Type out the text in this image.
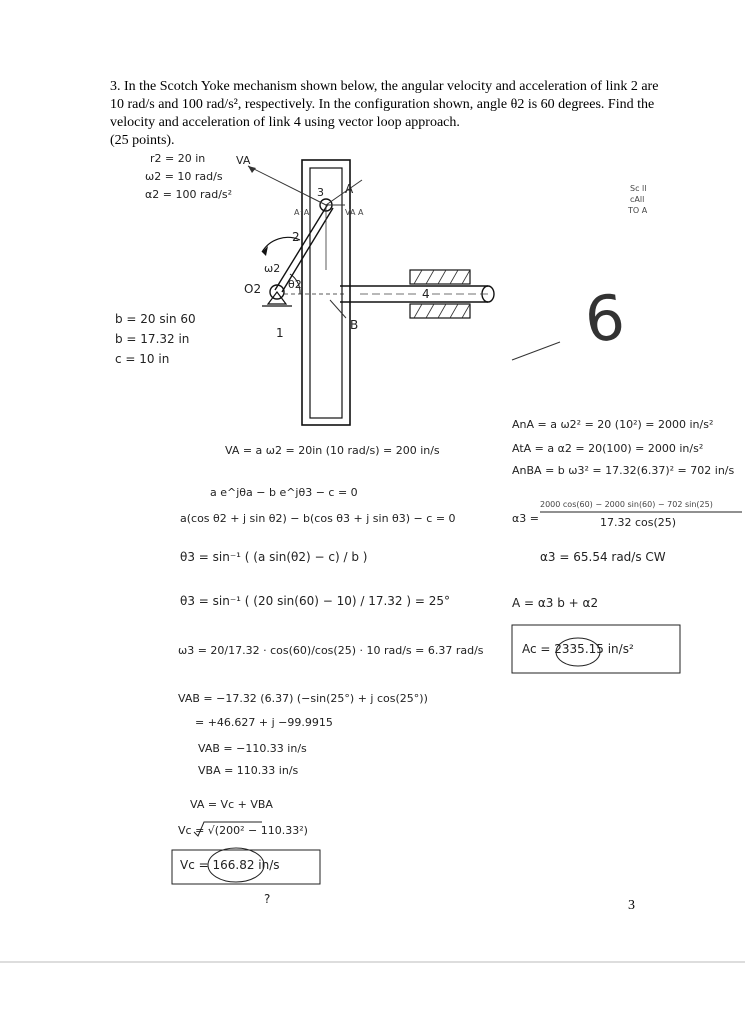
3. In the Scotch Yoke mechanism shown below, the angular velocity and acceleration of link 2 are 10 rad/s and 100 rad/s², respectively. In the configuration shown, angle θ2 is 60 degrees. Find the velocity and acceleration of link 4 using vector loop approach.
(25 points).
A
B
O2
1
2
3
4
ω2
θ2
VA
VA A
A⁺A
r2 = 20 in
ω2 = 10 rad/s
α2 = 100 rad/s²
b = 20 sin 60
b = 17.32 in
c = 10 in
Sc ll
cAll
TO A
6
VA = a ω2 = 20in (10 rad/s) = 200 in/s
a e^jθa − b e^jθ3 − c = 0
a(cos θ2 + j sin θ2) − b(cos θ3 + j sin θ3) − c = 0
θ3 = sin⁻¹ ( (a sin(θ2) − c) / b )
θ3 = sin⁻¹ ( (20 sin(60) − 10) / 17.32 ) = 25°
ω3 = 20/17.32 · cos(60)/cos(25) · 10 rad/s = 6.37 rad/s
VAB = −17.32 (6.37) (−sin(25°) + j cos(25°))
= +46.627 + j −99.9915
VAB = −110.33 in/s
VBA = 110.33 in/s
VA = Vc + VBA
Vc = √(200² − 110.33²)
Vc = 166.82 in/s
?
AnA = a ω2² = 20 (10²) = 2000 in/s²
AtA = a α2 = 20(100) = 2000 in/s²
AnBA = b ω3² = 17.32(6.37)² = 702 in/s
2000 cos(60) − 2000 sin(60) − 702 sin(25)
α3 =	17.32 cos(25)
α3 = 65.54 rad/s CW
A = α3 b + α2
Ac = 2335.15 in/s²
3
